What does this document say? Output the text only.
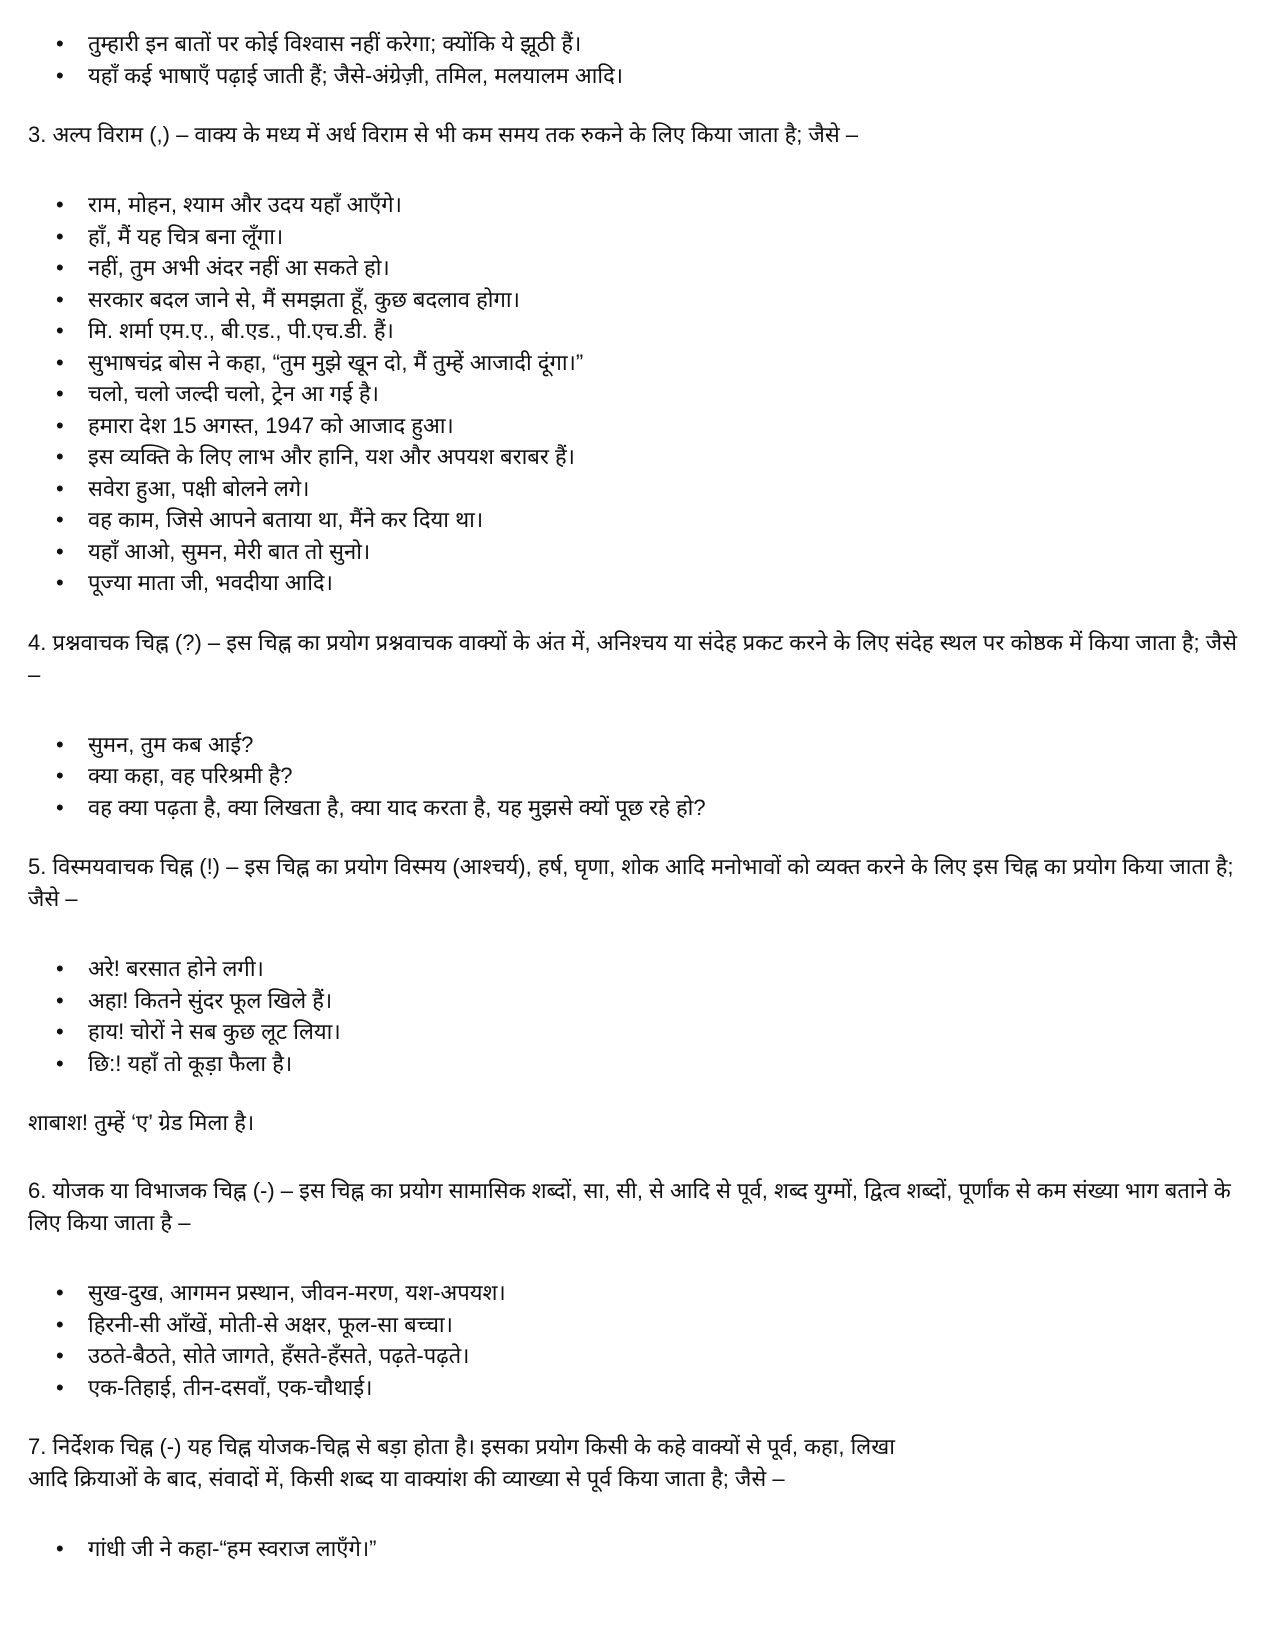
• तुम्हारी इन बातों पर कोई विश्वास नहीं करेगा; क्योंकि ये झूठी हैं।
• यहाँ कई भाषाएँ पढ़ाई जाती हैं; जैसे-अंग्रेज़ी, तमिल, मलयालम आदि।

3. अल्प विराम (,) – वाक्य के मध्य में अर्ध विराम से भी कम समय तक रुकने के लिए किया जाता है; जैसे –

• राम, मोहन, श्याम और उदय यहाँ आएँगे।
• हाँ, मैं यह चित्र बना लूँगा।
• नहीं, तुम अभी अंदर नहीं आ सकते हो।
• सरकार बदल जाने से, मैं समझता हूँ, कुछ बदलाव होगा।
• मि. शर्मा एम.ए., बी.एड., पी.एच.डी. हैं।
• सुभाषचंद्र बोस ने कहा, “तुम मुझे खून दो, मैं तुम्हें आजादी दूंगा।”
• चलो, चलो जल्दी चलो, ट्रेन आ गई है।
• हमारा देश 15 अगस्त, 1947 को आजाद हुआ।
• इस व्यक्ति के लिए लाभ और हानि, यश और अपयश बराबर हैं।
• सवेरा हुआ, पक्षी बोलने लगे।
• वह काम, जिसे आपने बताया था, मैंने कर दिया था।
• यहाँ आओ, सुमन, मेरी बात तो सुनो।
• पूज्या माता जी, भवदीया आदि।

4. प्रश्नवाचक चिह्न (?) – इस चिह्न का प्रयोग प्रश्नवाचक वाक्यों के अंत में, अनिश्चय या संदेह प्रकट करने के लिए संदेह स्थल पर कोष्ठक में किया जाता है; जैसे –

• सुमन, तुम कब आई?
• क्या कहा, वह परिश्रमी है?
• वह क्या पढ़ता है, क्या लिखता है, क्या याद करता है, यह मुझसे क्यों पूछ रहे हो?

5. विस्मयवाचक चिह्न (!) – इस चिह्न का प्रयोग विस्मय (आश्चर्य), हर्ष, घृणा, शोक आदि मनोभावों को व्यक्त करने के लिए इस चिह्न का प्रयोग किया जाता है; जैसे –

• अरे! बरसात होने लगी।
• अहा! कितने सुंदर फूल खिले हैं।
• हाय! चोरों ने सब कुछ लूट लिया।
• छि:! यहाँ तो कूड़ा फैला है।

शाबाश! तुम्हें ‘ए’ ग्रेड मिला है।

6. योजक या विभाजक चिह्न (-) – इस चिह्न का प्रयोग सामासिक शब्दों, सा, सी, से आदि से पूर्व, शब्द युग्मों, द्वित्व शब्दों, पूर्णांक से कम संख्या भाग बताने के लिए किया जाता है –

• सुख-दुख, आगमन प्रस्थान, जीवन-मरण, यश-अपयश।
• हिरनी-सी आँखें, मोती-से अक्षर, फूल-सा बच्चा।
• उठते-बैठते, सोते जागते, हँसते-हँसते, पढ़ते-पढ़ते।
• एक-तिहाई, तीन-दसवाँ, एक-चौथाई।

7. निर्देशक चिह्न (-) यह चिह्न योजक-चिह्न से बड़ा होता है। इसका प्रयोग किसी के कहे वाक्यों से पूर्व, कहा, लिखा

आदि क्रियाओं के बाद, संवादों में, किसी शब्द या वाक्यांश की व्याख्या से पूर्व किया जाता है; जैसे –

• गांधी जी ने कहा-“हम स्वराज लाएँगे।”
